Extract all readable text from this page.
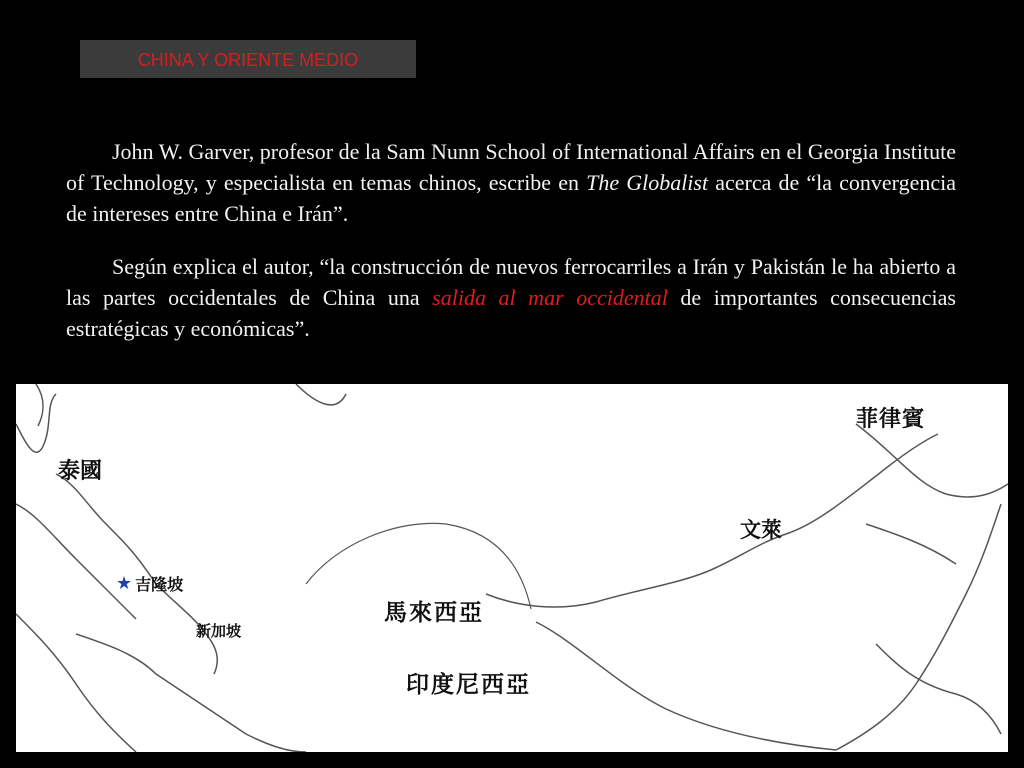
CHINA Y ORIENTE MEDIO

John W. Garver, profesor de la Sam Nunn School of International Affairs en el Georgia Institute of Technology, y especialista en temas chinos, escribe en The Globalist acerca de “la convergencia de intereses entre China e Irán”.

Según explica el autor, “la construcción de nuevos ferrocarriles a Irán y Pakistán le ha abierto a las partes occidentales de China una salida al mar occidental de importantes consecuencias estratégicas y económicas”.

菲律賓
泰國
文萊
馬來西亞
印度尼西亞
★ 吉隆坡
新加坡
